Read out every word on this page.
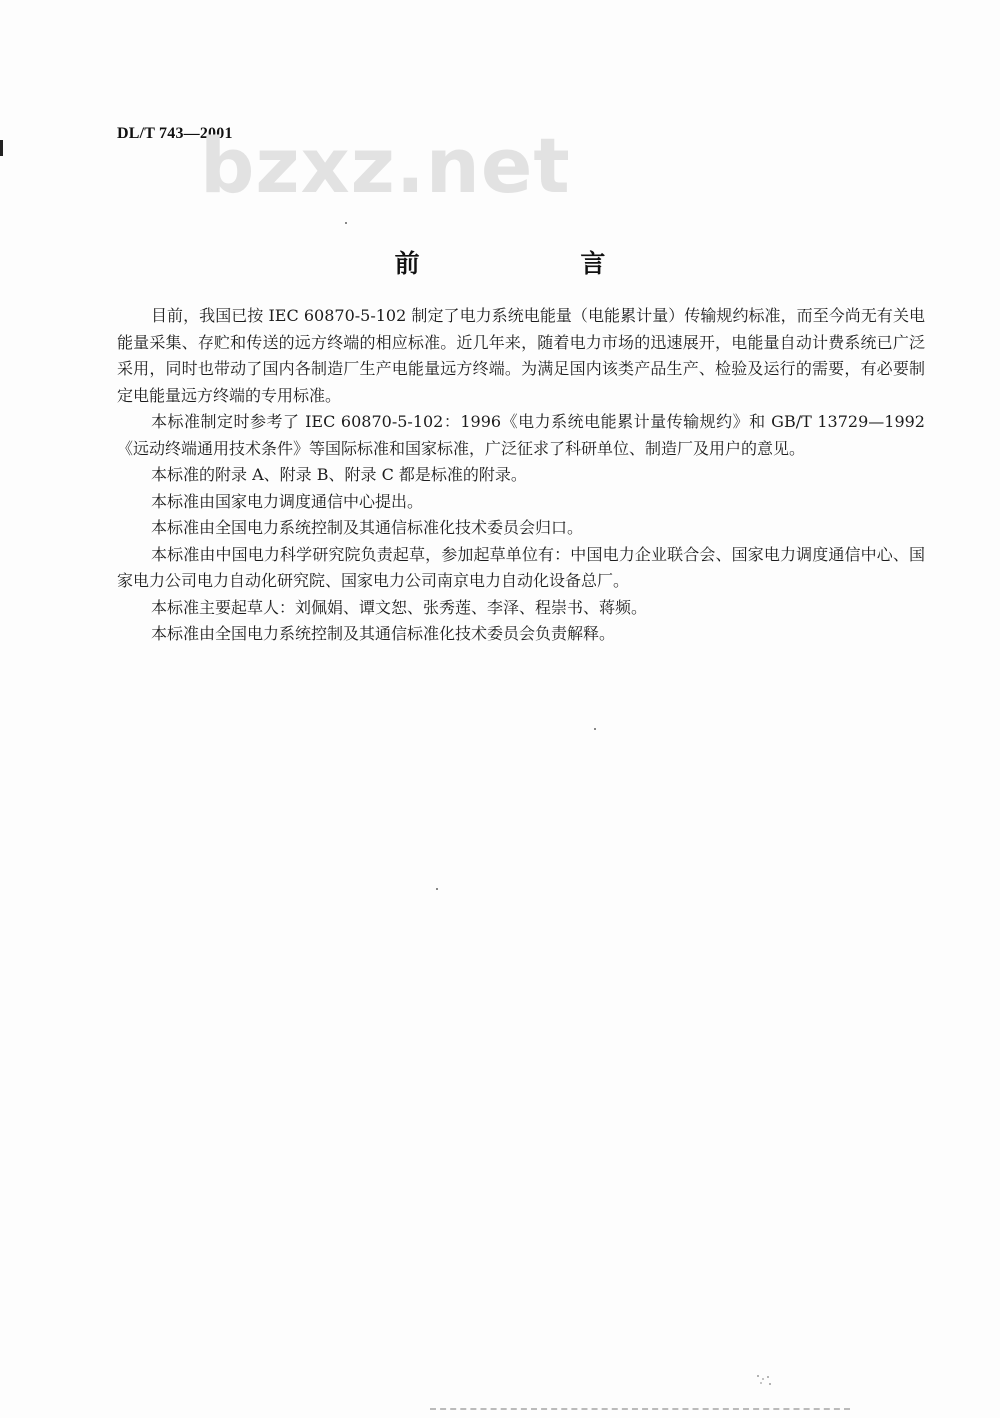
DL/T 743—2001
bzxz.net
前 言

目前，我国已按 IEC 60870-5-102 制定了电力系统电能量（电能累计量）传输规约标准，而至今尚无有关电能量采集、存贮和传送的远方终端的相应标准。近几年来，随着电力市场的迅速展开，电能量自动计费系统已广泛采用，同时也带动了国内各制造厂生产电能量远方终端。为满足国内该类产品生产、检验及运行的需要，有必要制定电能量远方终端的专用标准。

本标准制定时参考了 IEC 60870-5-102：1996《电力系统电能累计量传输规约》和 GB/T 13729—1992《远动终端通用技术条件》等国际标准和国家标准，广泛征求了科研单位、制造厂及用户的意见。

本标准的附录 A、附录 B、附录 C 都是标准的附录。

本标准由国家电力调度通信中心提出。

本标准由全国电力系统控制及其通信标准化技术委员会归口。

本标准由中国电力科学研究院负责起草，参加起草单位有：中国电力企业联合会、国家电力调度通信中心、国家电力公司电力自动化研究院、国家电力公司南京电力自动化设备总厂。

本标准主要起草人：刘佩娟、谭文恕、张秀莲、李泽、程崇书、蒋频。

本标准由全国电力系统控制及其通信标准化技术委员会负责解释。
